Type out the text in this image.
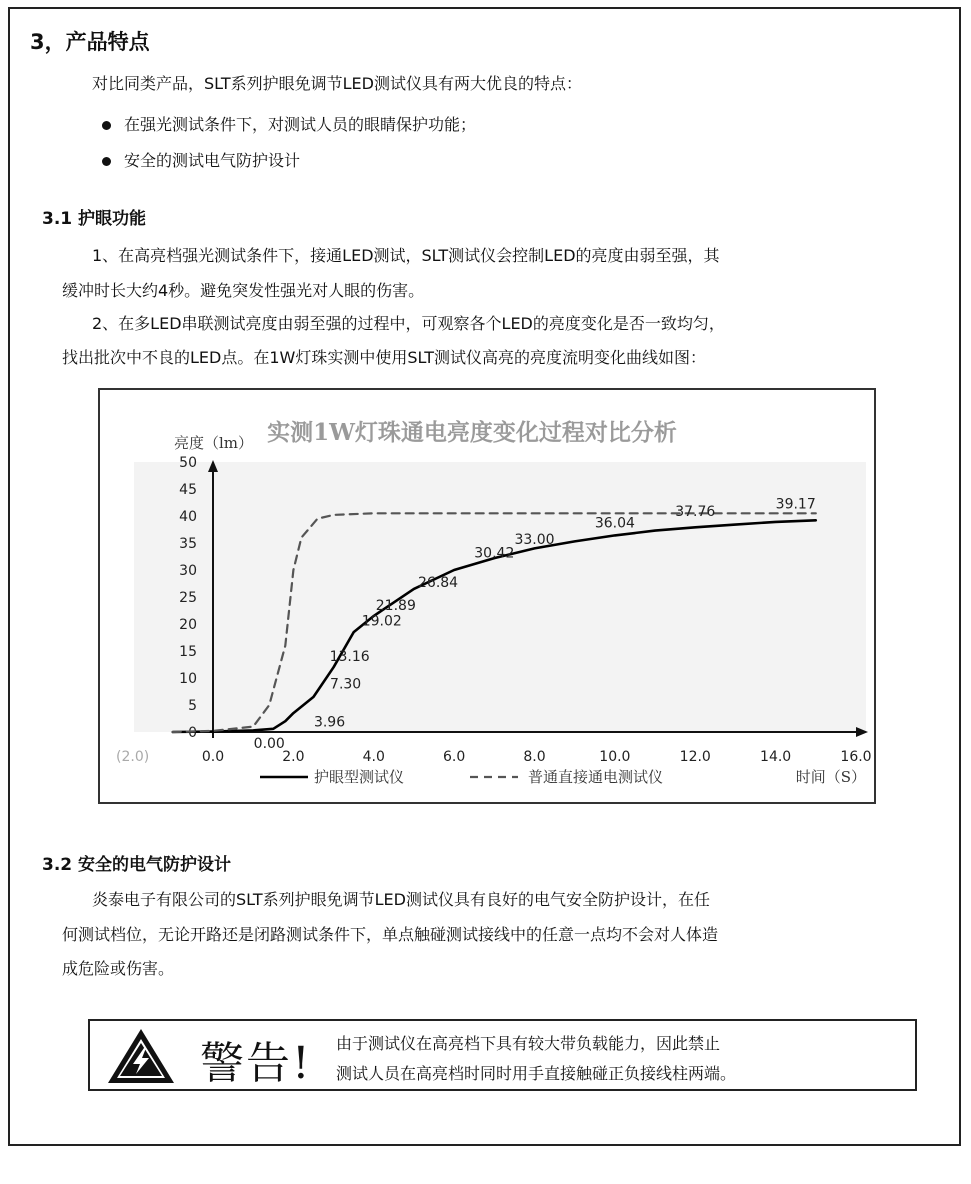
3，产品特点
对比同类产品，SLT系列护眼免调节LED测试仪具有两大优良的特点：
在强光测试条件下，对测试人员的眼睛保护功能；
安全的测试电气防护设计
3.1 护眼功能
1、在高亮档强光测试条件下，接通LED测试，SLT测试仪会控制LED的亮度由弱至强，其
缓冲时长大约4秒。避免突发性强光对人眼的伤害。
2、在多LED串联测试亮度由弱至强的过程中，可观察各个LED的亮度变化是否一致均匀，
找出批次中不良的LED点。在1W灯珠实测中使用SLT测试仪高亮的亮度流明变化曲线如图：
实测1W灯珠通电亮度变化过程对比分析
亮度（lm）
0
5
10
15
20
25
30
35
40
45
50
(2.0)	0.0	2.0	4.0	6.0	8.0	10.0	12.0	14.0	16.0
0.00
3.96
7.30
13.16
19.02
21.89
26.84
30.42
33.00
36.04
37.76	39.17
护眼型测试仪	普通直接通电测试仪	时间（S）
3.2 安全的电气防护设计
炎泰电子有限公司的SLT系列护眼免调节LED测试仪具有良好的电气安全防护设计，在任
何测试档位，无论开路还是闭路测试条件下，单点触碰测试接线中的任意一点均不会对人体造
成危险或伤害。
警告! 由于测试仪在高亮档下具有较大带负载能力，因此禁止
测试人员在高亮档时同时用手直接触碰正负接线柱两端。
